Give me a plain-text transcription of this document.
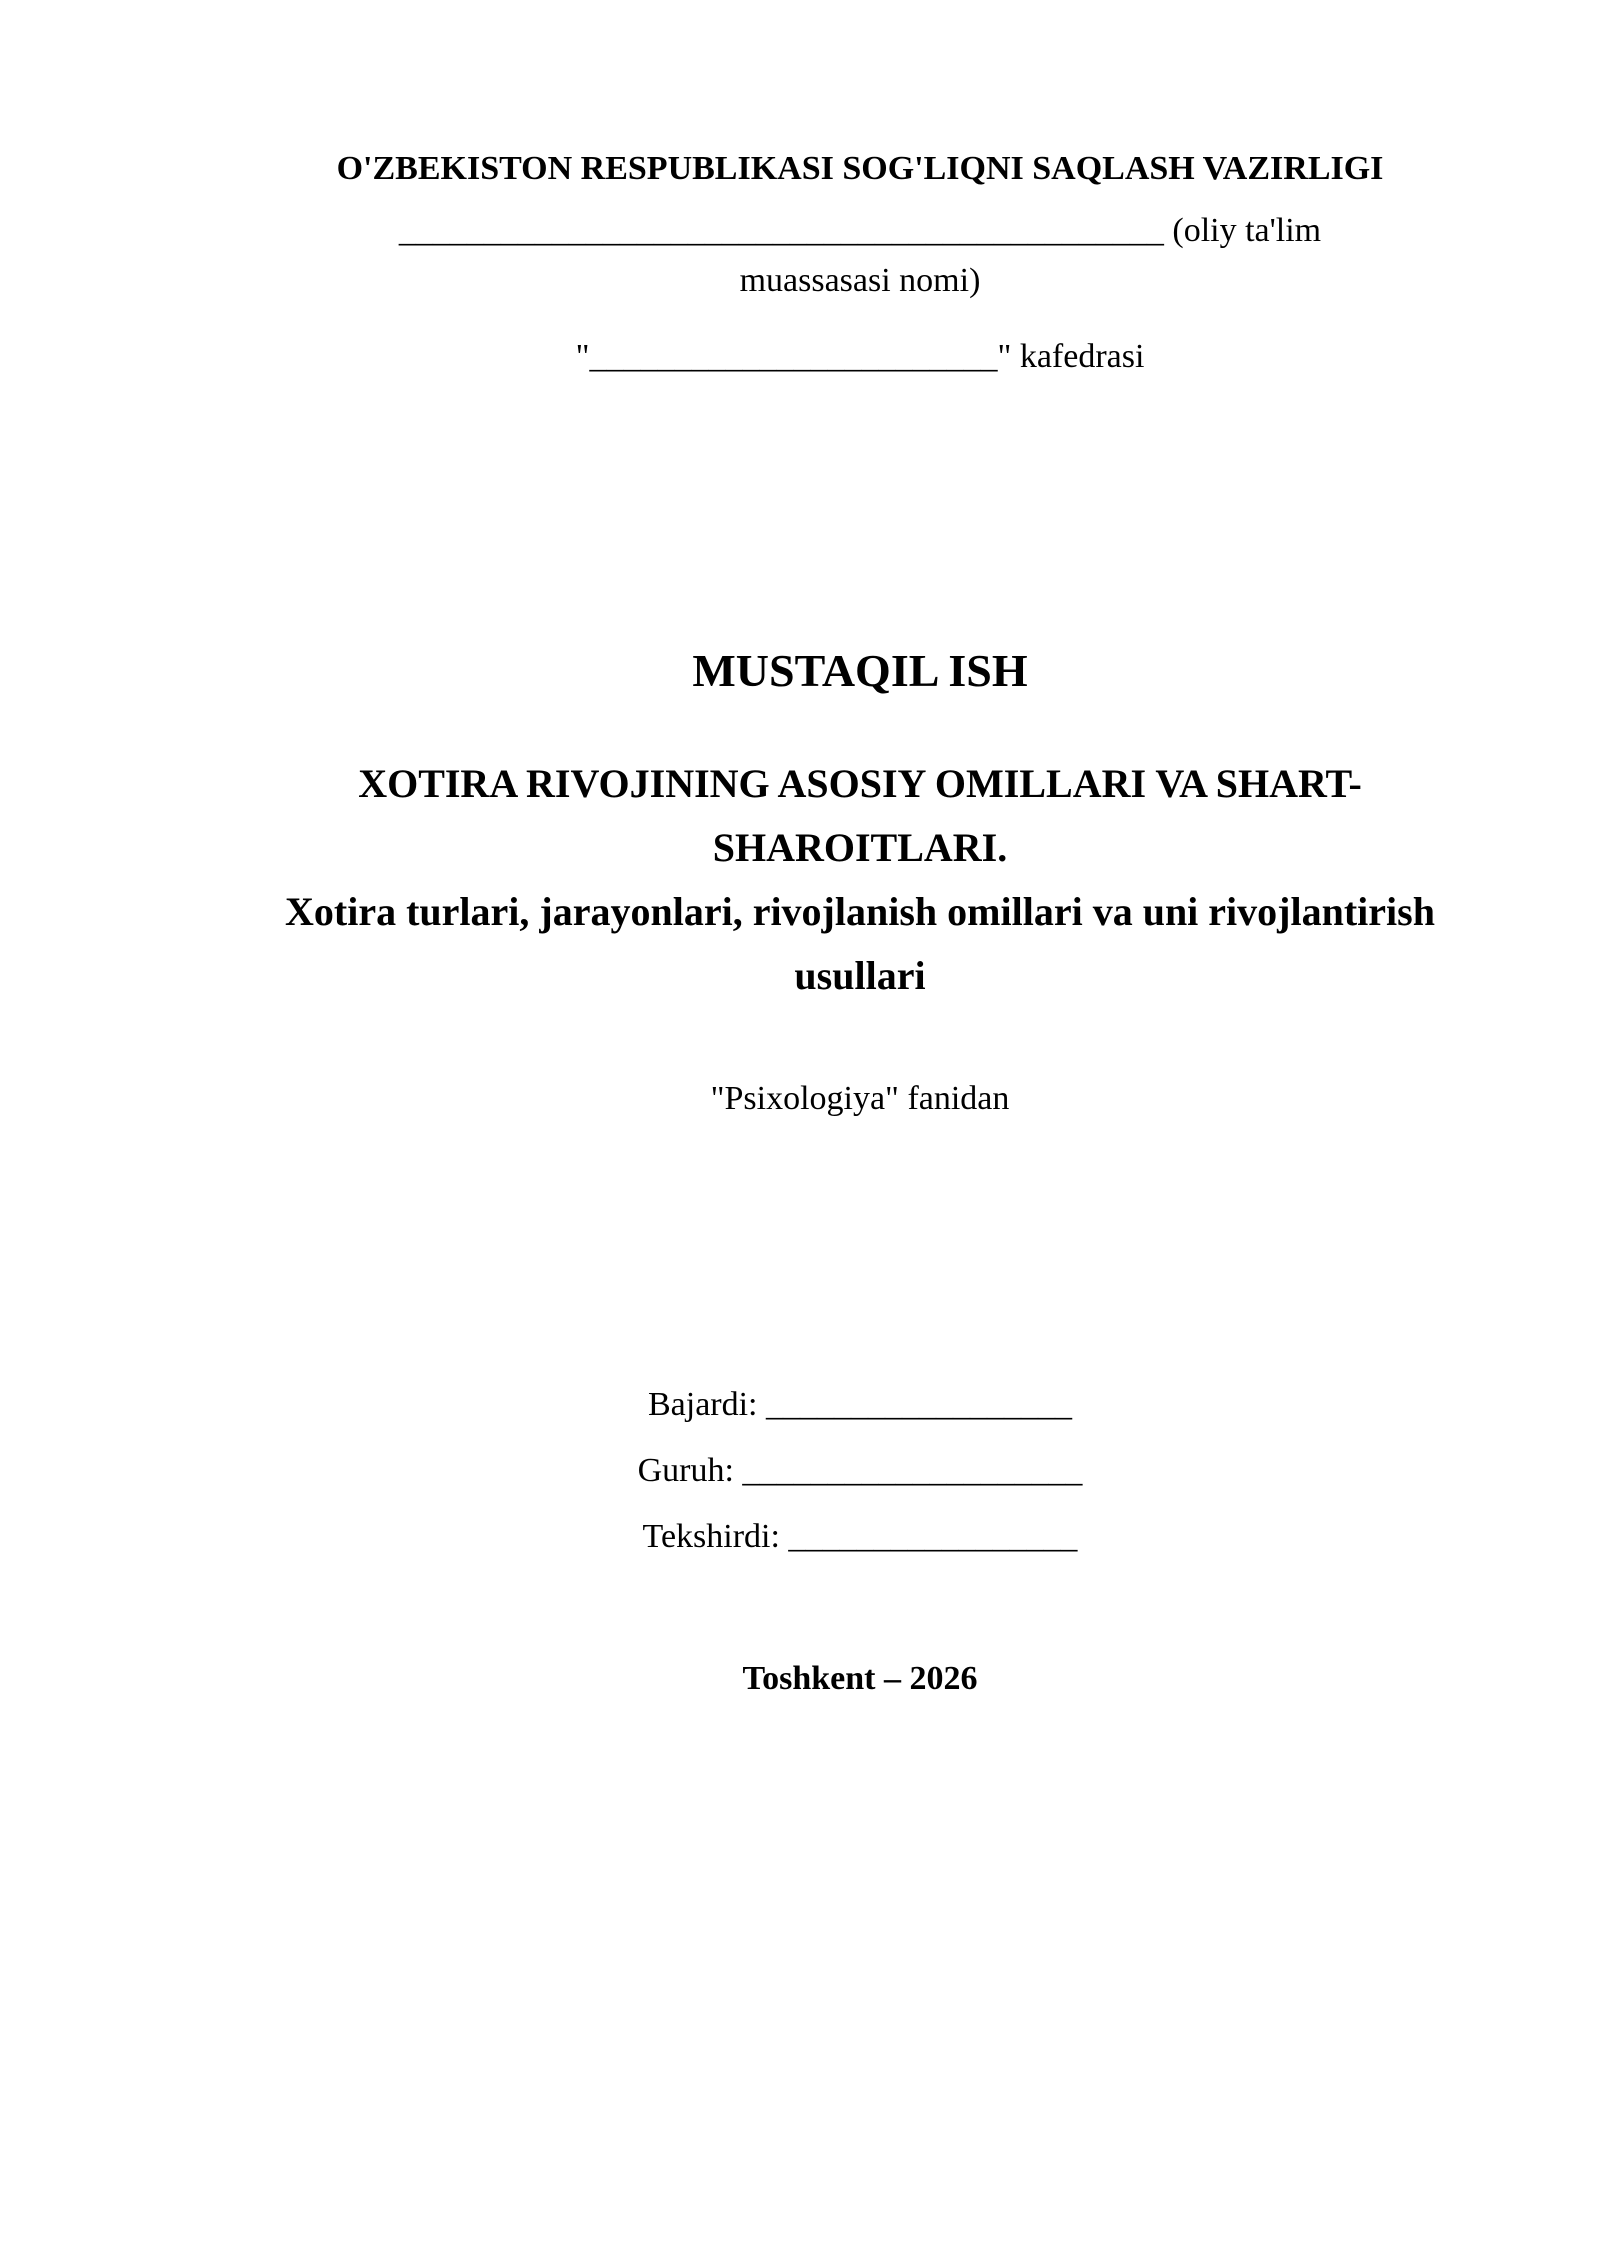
O'ZBEKISTON RESPUBLIKASI SOG'LIQNI SAQLASH VAZIRLIGI

_____________________________________________ (oliy ta'lim

muassasasi nomi)

"________________________" kafedrasi

MUSTAQIL ISH

XOTIRA RIVOJINING ASOSIY OMILLARI VA SHART-

SHAROITLARI.

Xotira turlari, jarayonlari, rivojlanish omillari va uni rivojlantirish

usullari

"Psixologiya" fanidan

Bajardi: __________________

Guruh: ____________________

Tekshirdi: _________________

Toshkent – 2026
